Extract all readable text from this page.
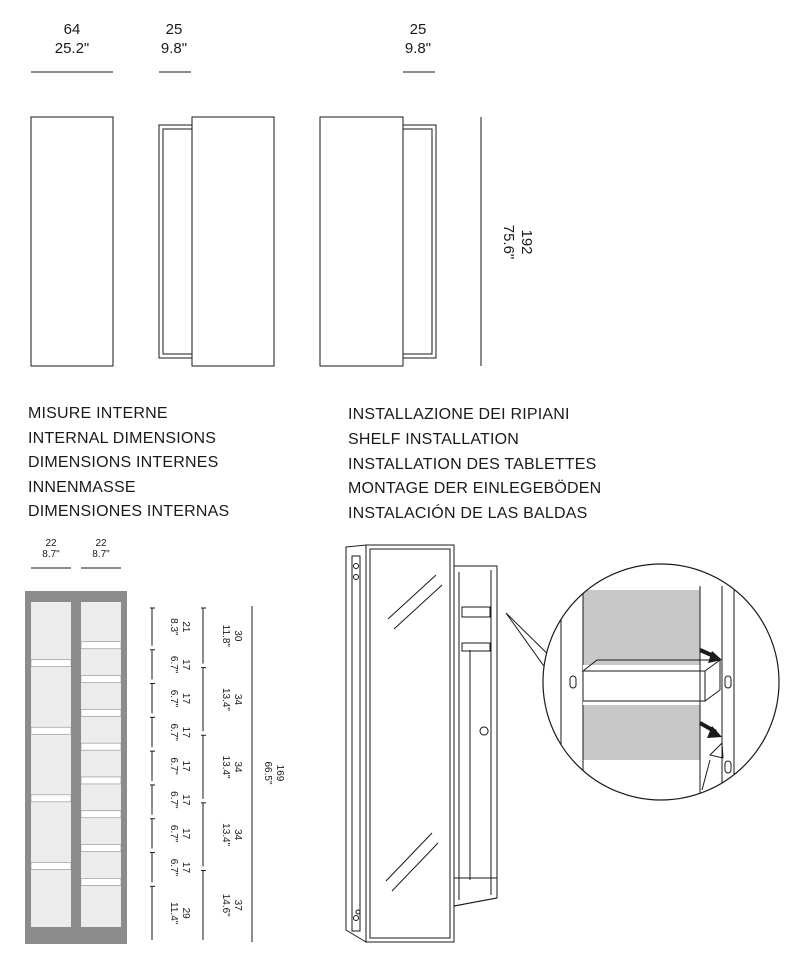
64
25.2"
25
9.8"
25
9.8"
192
75.6"
MISURE INTERNE
INTERNAL DIMENSIONS
DIMENSIONS INTERNES
INNENMASSE
DIMENSIONES INTERNAS
INSTALLAZIONE DEI RIPIANI
SHELF INSTALLATION
INSTALLATION DES TABLETTES
MONTAGE DER EINLEGEBÖDEN
INSTALACIÓN DE LAS BALDAS
22
8.7"
22
8.7"
21
8.3"
17
6.7"
17
6.7"
17
6.7"
17
6.7"
17
6.7"
17
6.7"
17
6.7"
29
11.4"
30
11.8"
34
13.4"
34
13.4"
34
13.4"
37
14.6"
169
66.5"
